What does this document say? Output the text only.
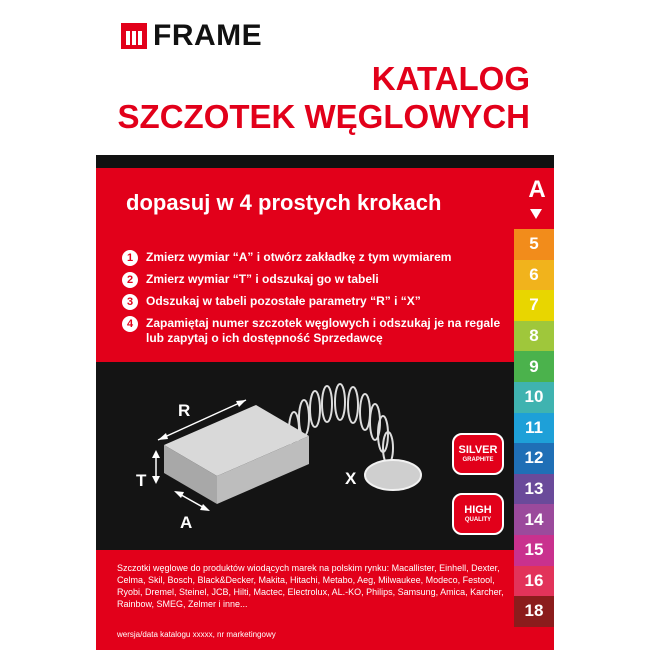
FRAME
KATALOG
SZCZOTEK WĘGLOWYCH
dopasuj w 4 prostych krokach
1	Zmierz wymiar “A” i otwórz zakładkę z tym wymiarem
2	Zmierz wymiar “T” i odszukaj go w tabeli
3	Odszukaj w tabeli pozostałe parametry “R” i “X”
4	Zapamiętaj numer szczotek węglowych i odszukaj je na regale lub zapytaj o ich dostępność Sprzedawcę
R
T
A
X
SILVER
GRAPHITE
HIGH
QUALITY
Szczotki węglowe do produktów wiodących marek na polskim rynku: Macallister, Einhell, Dexter, Celma, Skil, Bosch, Black&Decker, Makita, Hitachi, Metabo, Aeg, Milwaukee, Modeco, Festool, Ryobi, Dremel, Steinel, JCB, Hilti, Mactec, Electrolux, AL.-KO, Philips, Samsung, Amica, Karcher, Rainbow, SMEG, Zelmer i inne...
wersja/data katalogu xxxxx, nr marketingowy
A
5
6
7
8
9
10
11
12
13
14
15
16
18
